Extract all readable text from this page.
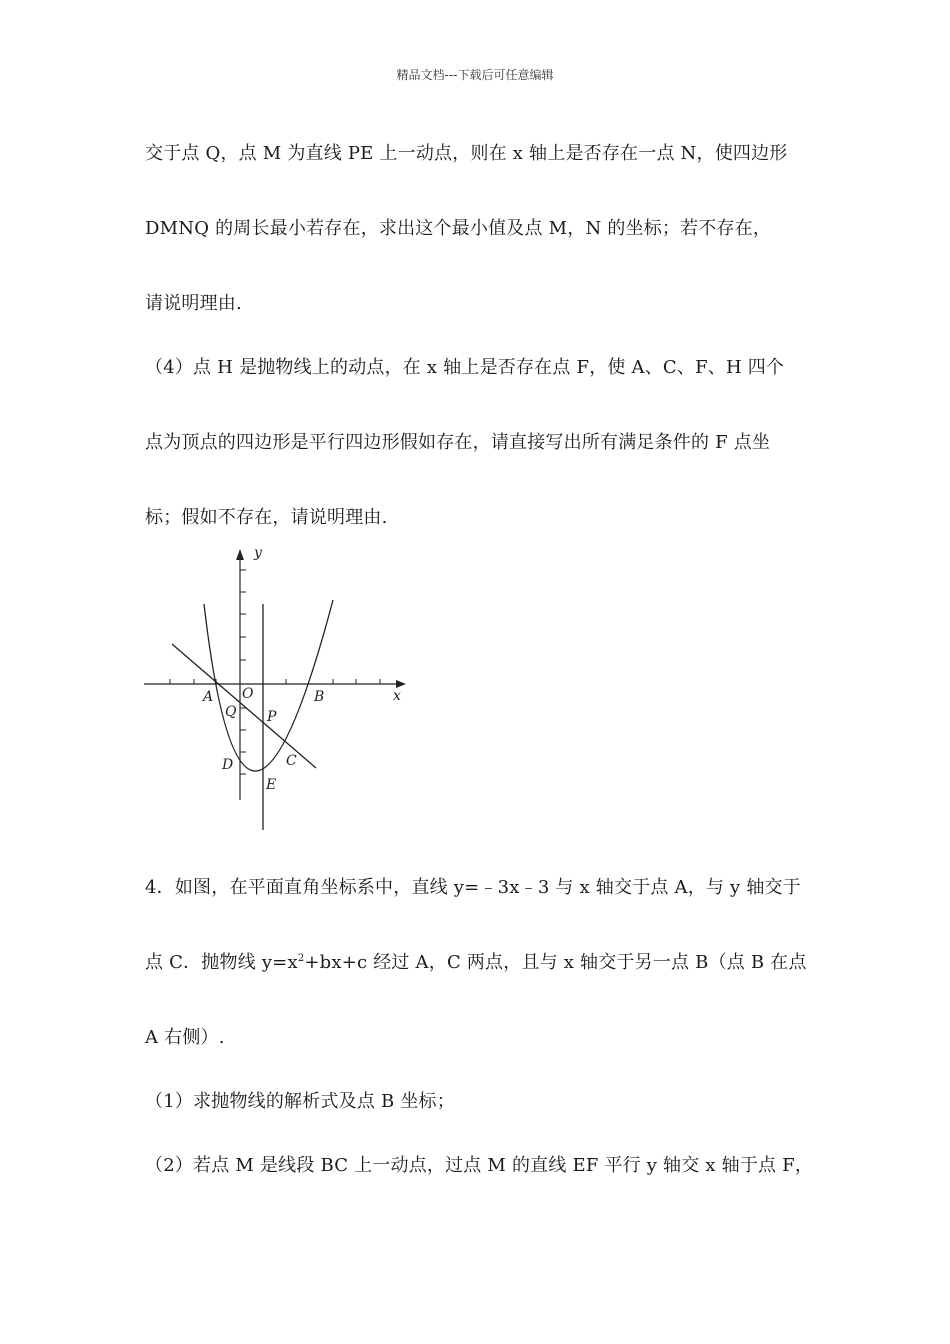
精品文档---下载后可任意编辑
交于点 Q，点 M 为直线 PE 上一动点，则在 x 轴上是否存在一点 N，使四边形
DMNQ 的周长最小若存在，求出这个最小值及点 M，N 的坐标；若不存在，
请说明理由.
（4）点 H 是抛物线上的动点，在 x 轴上是否存在点 F，使 A、C、F、H 四个
点为顶点的四边形是平行四边形假如存在，请直接写出所有满足条件的 F 点坐
标；假如不存在，请说明理由.
y
x
O
A	B
Q P
D	C
E
4．如图，在平面直角坐标系中，直线 y=﹣3x﹣3 与 x 轴交于点 A，与 y 轴交于
点 C．抛物线 $y=x^2+bx+c$ 经过 A，C 两点，且与 x 轴交于另一点 B（点 B 在点
A 右侧）.
（1）求抛物线的解析式及点 B 坐标；
（2）若点 M 是线段 BC 上一动点，过点 M 的直线 EF 平行 y 轴交 x 轴于点 F，
